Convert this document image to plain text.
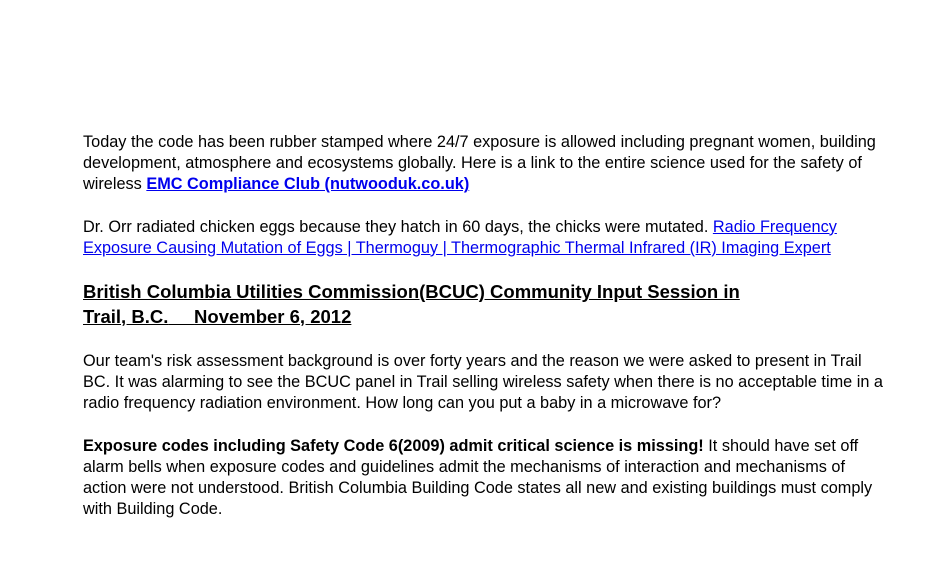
Today the code has been rubber stamped where 24/7 exposure is allowed including pregnant women, building development, atmosphere and ecosystems globally. Here is a link to the entire science used for the safety of wireless EMC Compliance Club (nutwooduk.co.uk)

Dr. Orr radiated chicken eggs because they hatch in 60 days, the chicks were mutated. Radio Frequency Exposure Causing Mutation of Eggs | Thermoguy | Thermographic Thermal Infrared (IR) Imaging Expert

British Columbia Utilities Commission(BCUC) Community Input Session in
Trail, B.C. November 6, 2012

Our team's risk assessment background is over forty years and the reason we were asked to present in Trail BC. It was alarming to see the BCUC panel in Trail selling wireless safety when there is no acceptable time in a radio frequency radiation environment. How long can you put a baby in a microwave for?

Exposure codes including Safety Code 6(2009) admit critical science is missing! It should have set off alarm bells when exposure codes and guidelines admit the mechanisms of interaction and mechanisms of action were not understood. British Columbia Building Code states all new and existing buildings must comply with Building Code.
